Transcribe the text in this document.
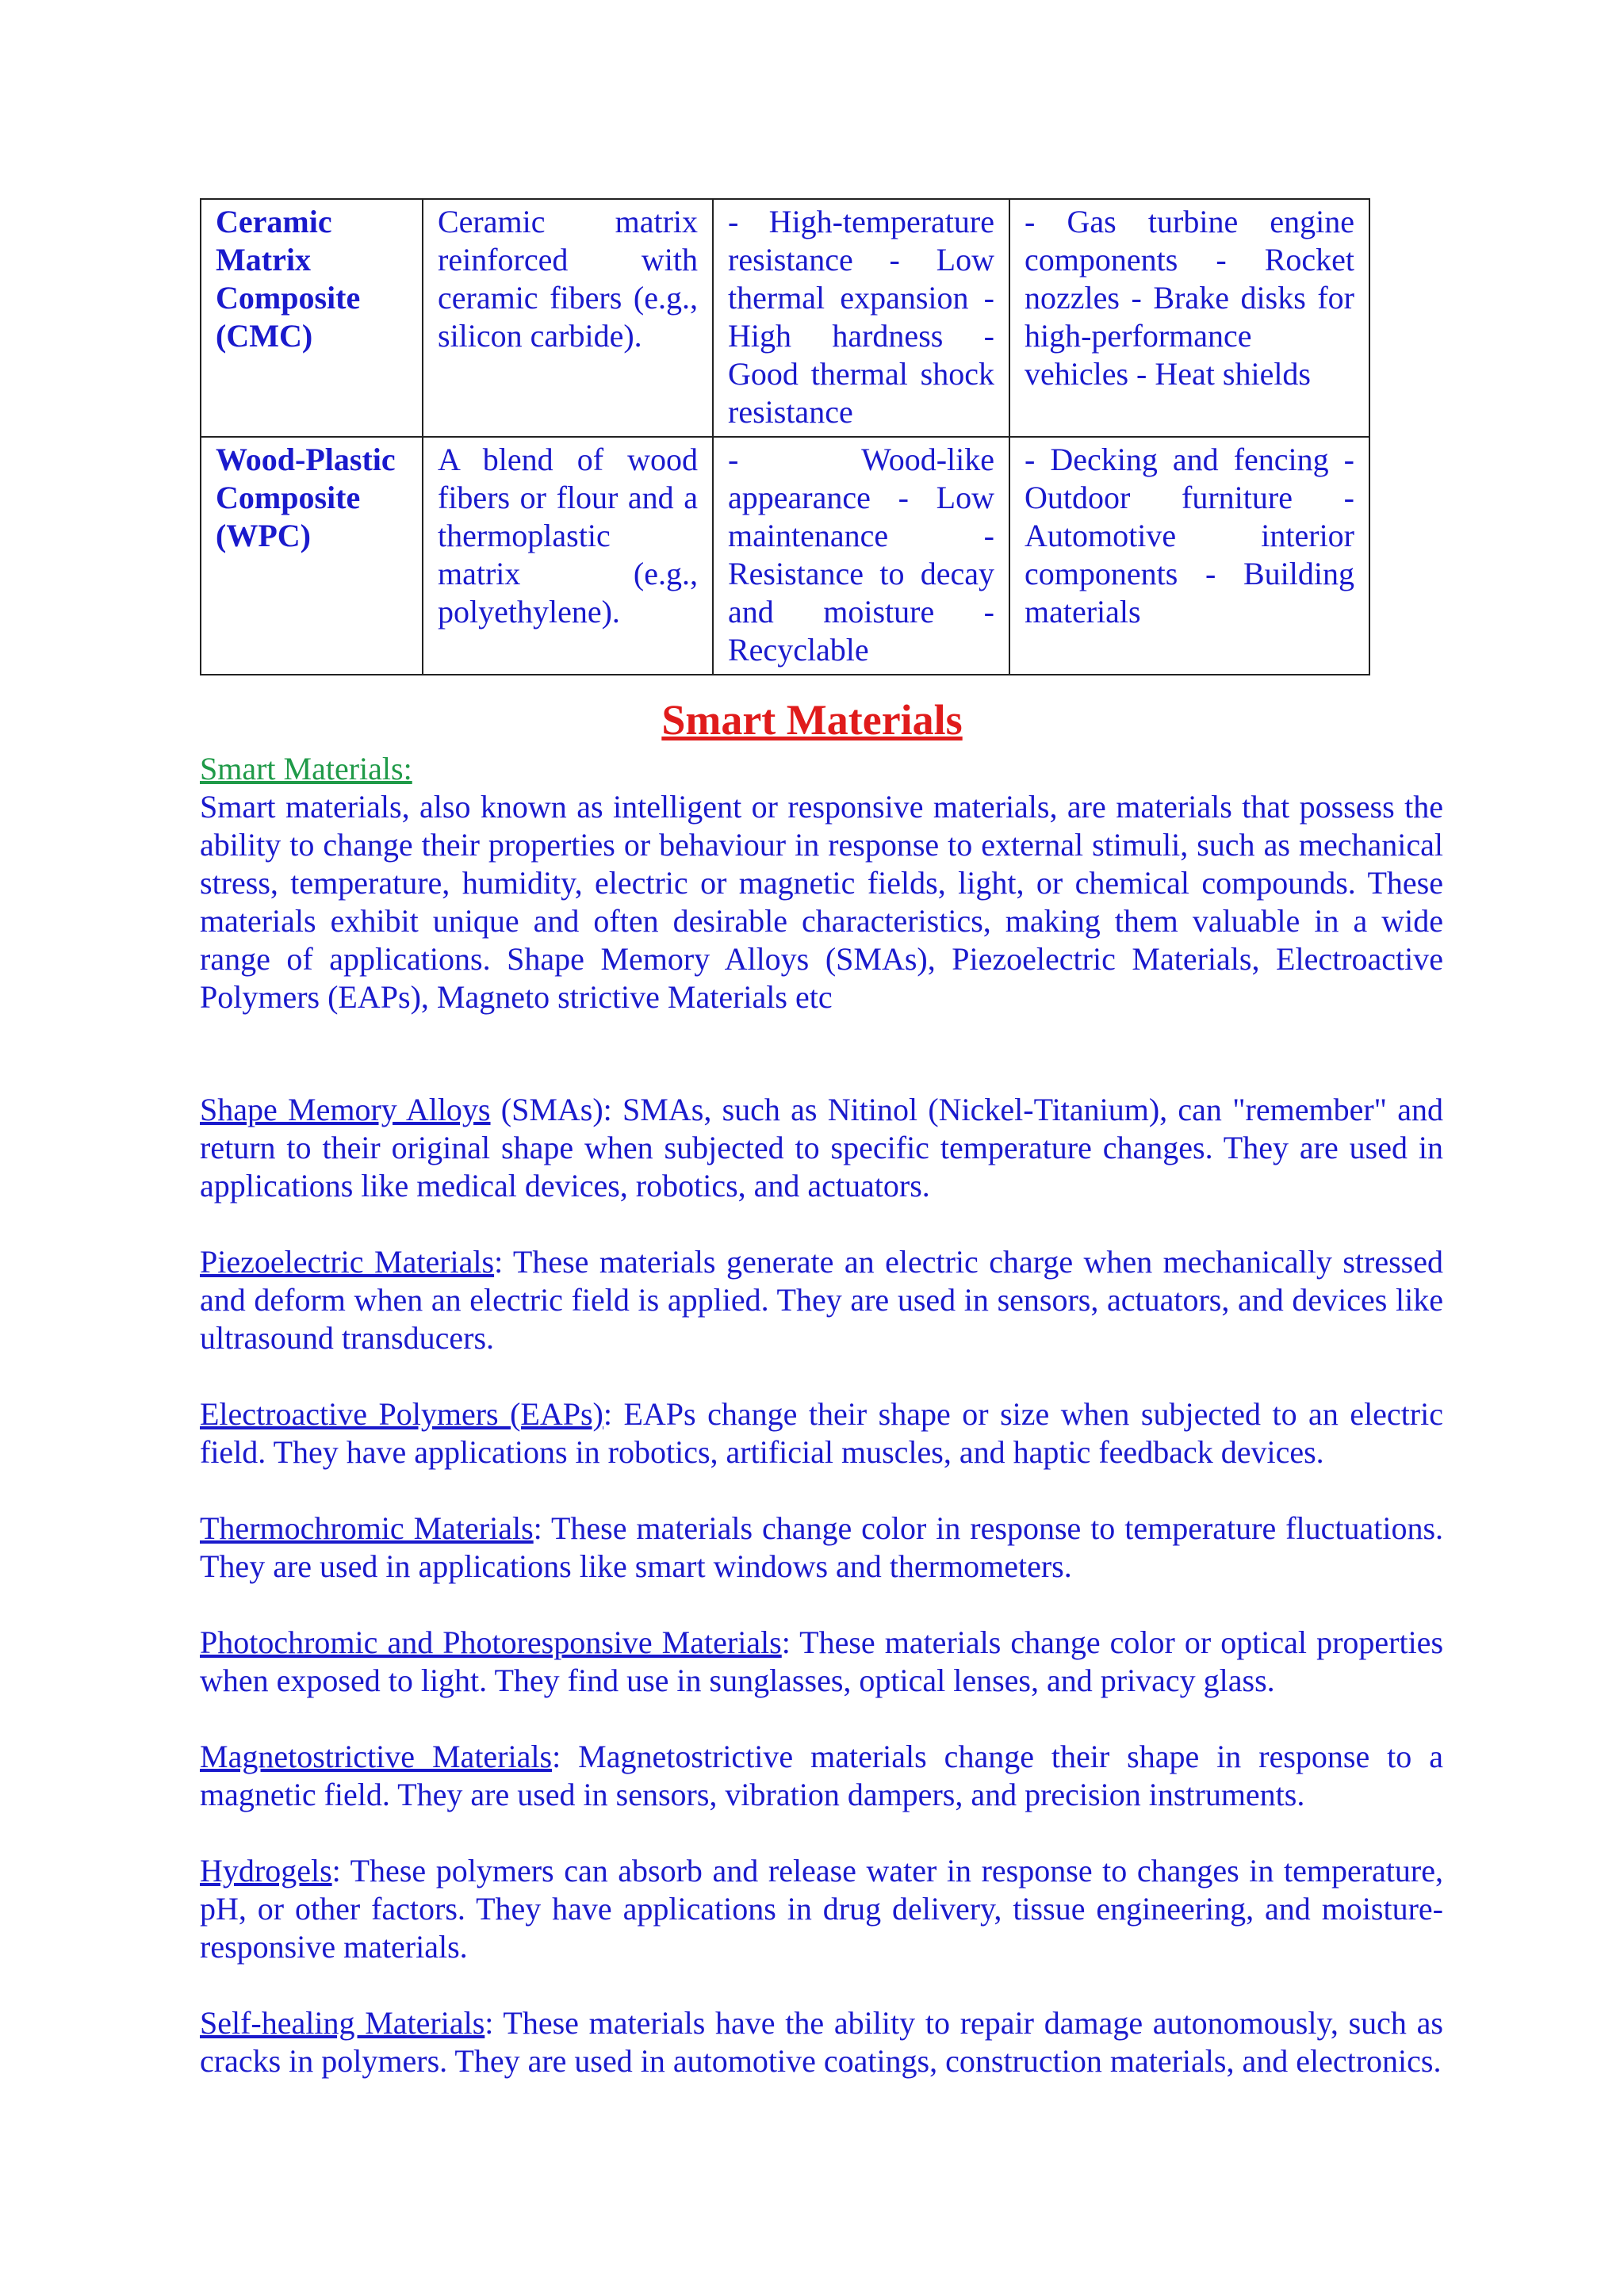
Ceramic Matrix Composite (CMC)	Ceramic matrix reinforced with ceramic fibers (e.g., silicon carbide).	- High-temperature resistance - Low thermal expansion - High hardness - Good thermal shock resistance	- Gas turbine engine components - Rocket nozzles - Brake disks for high-performance vehicles - Heat shields
Wood-Plastic Composite (WPC)	A blend of wood fibers or flour and a thermoplastic matrix (e.g., polyethylene).	- Wood-like appearance - Low maintenance - Resistance to decay and moisture - Recyclable	- Decking and fencing - Outdoor furniture - Automotive interior components - Building materials
Smart Materials
Smart Materials:
Smart materials, also known as intelligent or responsive materials, are materials that possess the ability to change their properties or behaviour in response to external stimuli, such as mechanical stress, temperature, humidity, electric or magnetic fields, light, or chemical compounds. These materials exhibit unique and often desirable characteristics, making them valuable in a wide range of applications. Shape Memory Alloys (SMAs), Piezoelectric Materials, Electroactive Polymers (EAPs), Magneto strictive Materials etc
Shape Memory Alloys (SMAs): SMAs, such as Nitinol (Nickel-Titanium), can "remember" and return to their original shape when subjected to specific temperature changes. They are used in applications like medical devices, robotics, and actuators.
Piezoelectric Materials: These materials generate an electric charge when mechanically stressed and deform when an electric field is applied. They are used in sensors, actuators, and devices like ultrasound transducers.
Electroactive Polymers (EAPs): EAPs change their shape or size when subjected to an electric field. They have applications in robotics, artificial muscles, and haptic feedback devices.
Thermochromic Materials: These materials change color in response to temperature fluctuations. They are used in applications like smart windows and thermometers.
Photochromic and Photoresponsive Materials: These materials change color or optical properties when exposed to light. They find use in sunglasses, optical lenses, and privacy glass.
Magnetostrictive Materials: Magnetostrictive materials change their shape in response to a magnetic field. They are used in sensors, vibration dampers, and precision instruments.
Hydrogels: These polymers can absorb and release water in response to changes in temperature, pH, or other factors. They have applications in drug delivery, tissue engineering, and moisture-responsive materials.
Self-healing Materials: These materials have the ability to repair damage autonomously, such as cracks in polymers. They are used in automotive coatings, construction materials, and electronics.
